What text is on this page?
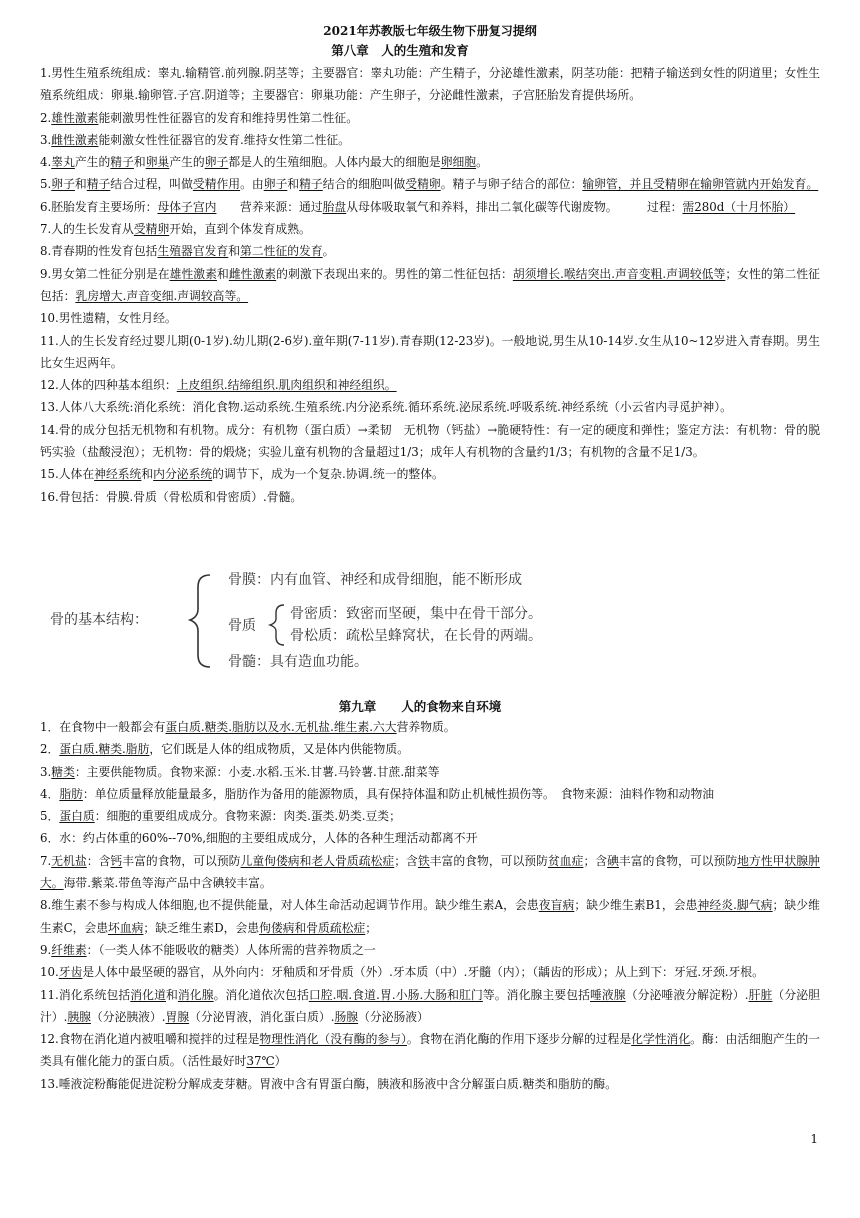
2021年苏教版七年级生物下册复习提纲
第八章　人的生殖和发育

1.男性生殖系统组成：睾丸.输精管.前列腺.阴茎等；主要器官：睾丸功能：产生精子，分泌雄性激素，阴茎功能：把精子输送到女性的阴道里；女性生殖系统组成：卵巢.输卵管.子宫.阴道等；主要器官：卵巢功能：产生卵子，分泌雌性激素，子宫胚胎发育提供场所。

2.雄性激素能刺激男性性征器官的发育和维持男性第二性征。

3.雌性激素能刺激女性性征器官的发育.维持女性第二性征。

4.睾丸产生的精子和卵巢产生的卵子都是人的生殖细胞。人体内最大的细胞是卵细胞。

5.卵子和精子结合过程，叫做受精作用。由卵子和精子结合的细胞叫做受精卵。精子与卵子结合的部位：输卵管，并且受精卵在输卵管就内开始发育。

6.胚胎发育主要场所：母体子宫内　　营养来源：通过胎盘从母体吸取氧气和养料，排出二氧化碳等代谢废物。　　　过程：需280d（十月怀胎）

7.人的生长发育从受精卵开始，直到个体发育成熟。

8.青春期的性发育包括生殖器官发育和第二性征的发育。

9.男女第二性征分别是在雄性激素和雌性激素的刺激下表现出来的。男性的第二性征包括：胡须增长.喉结突出.声音变粗.声调较低等；女性的第二性征包括：乳房增大.声音变细.声调较高等。

10.男性遗精，女性月经。

11.人的生长发育经过婴儿期(0-1岁).幼儿期(2-6岁).童年期(7-11岁).青春期(12-23岁)。一般地说,男生从10-14岁.女生从10~12岁进入青春期。男生比女生迟两年。

12.人体的四种基本组织：上皮组织.结缔组织.肌肉组织和神经组织。

13.人体八大系统:消化系统：消化食物.运动系统.生殖系统.内分泌系统.循环系统.泌尿系统.呼吸系统.神经系统（小云省内寻觅护神）。

14.骨的成分包括无机物和有机物。成分：有机物（蛋白质）→柔韧　无机物（钙盐）→脆硬特性：有一定的硬度和弹性；鉴定方法：有机物：骨的脱钙实验（盐酸浸泡）；无机物：骨的煅烧；实验儿童有机物的含量超过1/3；成年人有机物的含量约1/3；有机物的含量不足1/3。

15.人体在神经系统和内分泌系统的调节下，成为一个复杂.协调.统一的整体。

16.骨包括：骨膜.骨质（骨松质和骨密质）.骨髓。

骨的基本结构：
骨膜：内有血管、神经和成骨细胞，能不断形成
骨质
骨密质：致密而坚硬，集中在骨干部分。
骨松质：疏松呈蜂窝状，在长骨的两端。
骨髓：具有造血功能。
第九章　　人的食物来自环境

1．在食物中一般都会有蛋白质.糖类.脂肪以及水.无机盐.维生素.六大营养物质。

2．蛋白质.糖类.脂肪，它们既是人体的组成物质，又是体内供能物质。

3.糖类：主要供能物质。食物来源：小麦.水稻.玉米.甘薯.马铃薯.甘蔗.甜菜等

4．脂肪：单位质量释放能量最多，脂肪作为备用的能源物质，具有保持体温和防止机械性损伤等。　食物来源：油料作物和动物油

5．蛋白质：细胞的重要组成成分。食物来源：肉类.蛋类.奶类.豆类；

6．水：约占体重的60%--70%,细胞的主要组成成分，人体的各种生理活动都离不开

7.无机盐：含钙丰富的食物，可以预防儿童佝偻病和老人骨质疏松症；含铁丰富的食物，可以预防贫血症；含碘丰富的食物，可以预防地方性甲状腺肿大。海带.紫菜.带鱼等海产品中含碘较丰富。

8.维生素不参与构成人体细胞,也不提供能量，对人体生命活动起调节作用。缺少维生素A，会患夜盲病；缺少维生素B1，会患神经炎.脚气病；缺少维生素C，会患坏血病；缺乏维生素D，会患佝偻病和骨质疏松症；

9.纤维素：（一类人体不能吸收的糖类）人体所需的营养物质之一

10.牙齿是人体中最坚硬的器官，从外向内：牙釉质和牙骨质（外）.牙本质（中）.牙髓（内）；（龋齿的形成）；从上到下：牙冠.牙颈.牙根。

11.消化系统包括消化道和消化腺。消化道依次包括口腔.咽.食道.胃.小肠.大肠和肛门等。消化腺主要包括唾液腺（分泌唾液分解淀粉）.肝脏（分泌胆汁）.胰腺（分泌胰液）.胃腺（分泌胃液，消化蛋白质）.肠腺（分泌肠液）

12.食物在消化道内被咀嚼和搅拌的过程是物理性消化（没有酶的参与）。食物在消化酶的作用下逐步分解的过程是化学性消化。酶：由活细胞产生的一类具有催化能力的蛋白质。（活性最好时37℃）

13.唾液淀粉酶能促进淀粉分解成麦芽糖。胃液中含有胃蛋白酶，胰液和肠液中含分解蛋白质.糖类和脂肪的酶。

1
